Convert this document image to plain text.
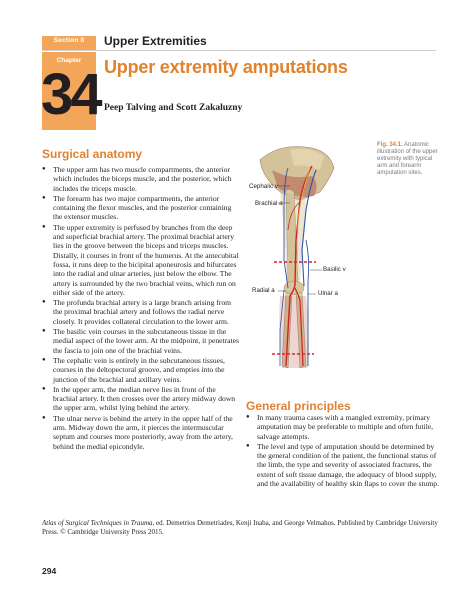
Section 8	Upper Extremities
Chapter
34 Upper extremity amputations
Peep Talving and Scott Zakaluzny
Surgical anatomy
● The upper arm has two muscle compartments, the anterior which includes the biceps muscle, and the posterior, which includes the triceps muscle.
● The forearm has two major compartments, the anterior containing the flexor muscles, and the posterior containing the extensor muscles.
● The upper extremity is perfused by branches from the deep and superficial brachial artery. The proximal brachial artery lies in the groove between the biceps and triceps muscles. Distally, it courses in front of the humerus. At the antecubital fossa, it runs deep to the bicipital aponeurosis and bifurcates into the radial and ulnar arteries, just below the elbow. The artery is surrounded by the two brachial veins, which run on either side of the artery.
● The profunda brachial artery is a large branch arising from the proximal brachial artery and follows the radial nerve closely. It provides collateral circulation to the lower arm.
● The basilic vein courses in the subcutaneous tissue in the medial aspect of the lower arm. At the midpoint, it penetrates the fascia to join one of the brachial veins.
● The cephalic vein is entirely in the subcutaneous tissues, courses in the deltopectoral groove, and empties into the junction of the brachial and axillary veins.
● In the upper arm, the median nerve lies in front of the brachial artery. It then crosses over the artery midway down the upper arm, whilst lying behind the artery.
● The ulnar nerve is behind the artery in the upper half of the arm. Midway down the arm, it pierces the intermuscular septum and courses more posteriorly, away from the artery, behind the medial epicondyle.
Cephalic v
Brachial a
Basilic v
Radial a	Ulnar a
Fig. 34.1. Anatomic illustration of the upper extremity with typical arm and forearm amputation sites.
General principles
● In many trauma cases with a mangled extremity, primary amputation may be preferable to multiple and often futile, salvage attempts.
● The level and type of amputation should be determined by the general condition of the patient, the functional status of the limb, the type and severity of associated fractures, the extent of soft tissue damage, the adequacy of blood supply, and the availability of healthy skin flaps to cover the stump.
Atlas of Surgical Techniques in Trauma, ed. Demetrios Demetriades, Kenji Inaba, and George Velmahos. Published by Cambridge University Press. © Cambridge University Press 2015.
294
